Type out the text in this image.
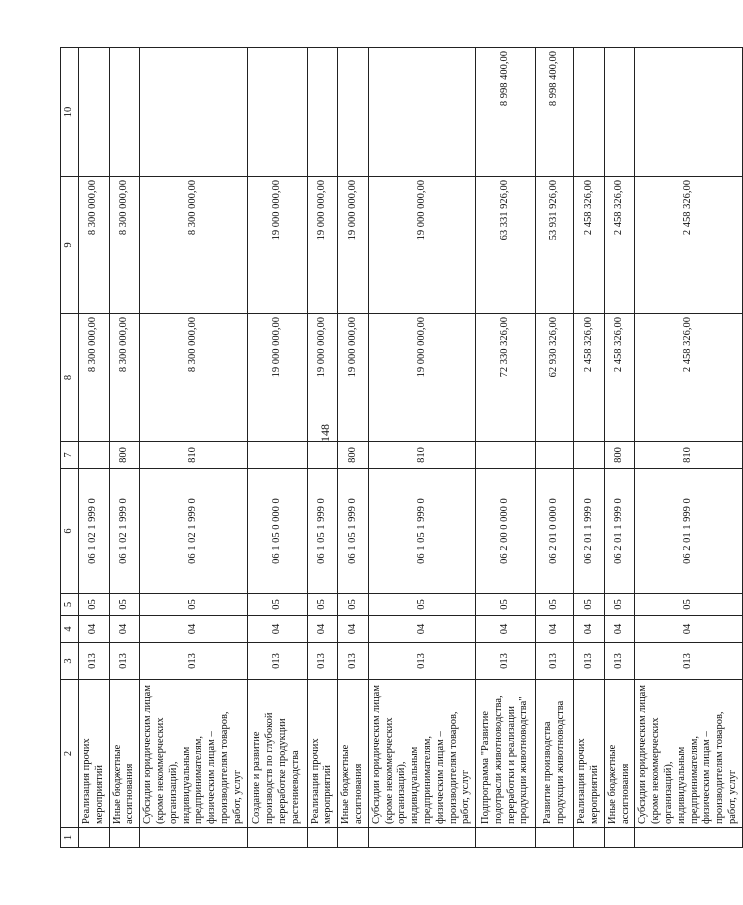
148
1	2	3	4	5	6	7	8	9	10
	Реализация прочих мероприятий	013	04	05	06 1 02 1 999 0		8 300 000,00	8 300 000,00	
	Иные бюджетные ассигнования	013	04	05	06 1 02 1 999 0	800	8 300 000,00	8 300 000,00	
	Субсидии юридическим лицам (кроме некоммерческих организаций), индивидуальным предпринимателям, физическим лицам – производителям товаров, работ, услуг	013	04	05	06 1 02 1 999 0	810	8 300 000,00	8 300 000,00	
	Создание и развитие производств по глубокой переработке продукции растениеводства	013	04	05	06 1 05 0 000 0		19 000 000,00	19 000 000,00	
	Реализация прочих мероприятий	013	04	05	06 1 05 1 999 0		19 000 000,00	19 000 000,00	
	Иные бюджетные ассигнования	013	04	05	06 1 05 1 999 0	800	19 000 000,00	19 000 000,00	
	Субсидии юридическим лицам (кроме некоммерческих организаций), индивидуальным предпринимателям, физическим лицам – производителям товаров, работ, услуг	013	04	05	06 1 05 1 999 0	810	19 000 000,00	19 000 000,00	
	Подпрограмма "Развитие подотрасли животноводства, переработки и реализации продукции животноводства"	013	04	05	06 2 00 0 000 0		72 330 326,00	63 331 926,00	8 998 400,00
	Развитие производства продукции животноводства	013	04	05	06 2 01 0 000 0		62 930 326,00	53 931 926,00	8 998 400,00
	Реализация прочих мероприятий	013	04	05	06 2 01 1 999 0		2 458 326,00	2 458 326,00	
	Иные бюджетные ассигнования	013	04	05	06 2 01 1 999 0	800	2 458 326,00	2 458 326,00	
	Субсидии юридическим лицам (кроме некоммерческих организаций), индивидуальным предпринимателям, физическим лицам – производителям товаров, работ, услуг	013	04	05	06 2 01 1 999 0	810	2 458 326,00	2 458 326,00	
